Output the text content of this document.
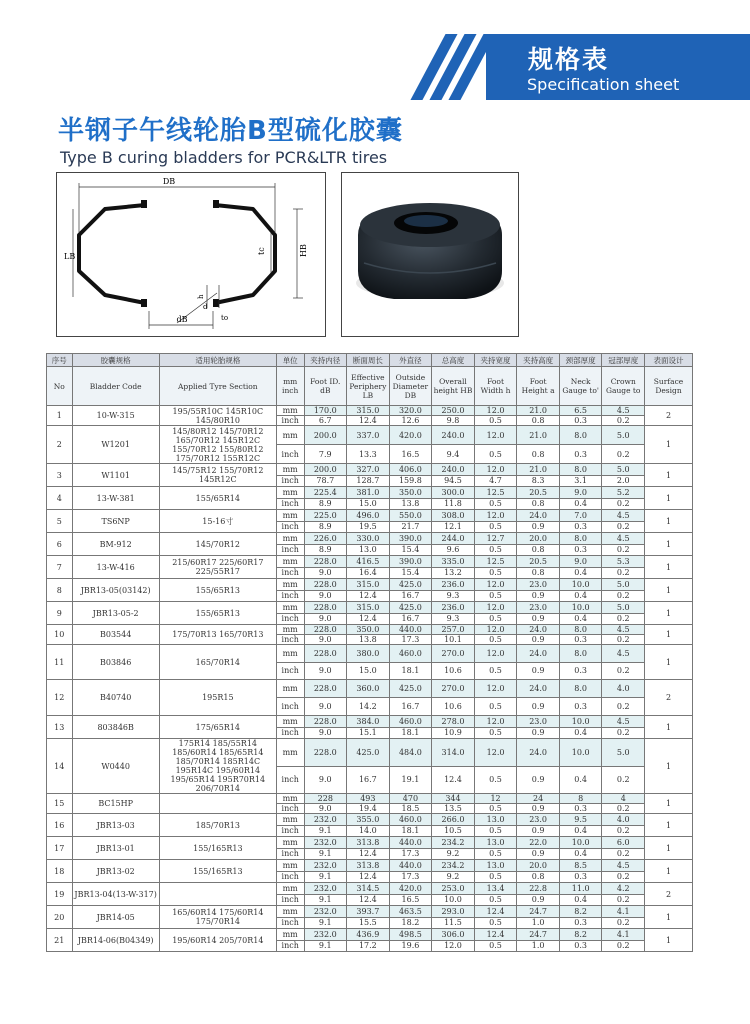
规格表
Specification sheet
半钢子午线轮胎B型硫化胶囊
Type B curing bladders for PCR&LTR tires
DB
dB
HB
LB
tc
h
d
to
序号	胶囊规格	适用轮胎规格	单位	夹持内径	断面周长	外直径	总高度	夹持宽度	夹持高度	颈部厚度	冠部厚度	表面设计
No	Bladder Code	Applied Tyre Section	mm inch	Foot ID. dB	Effective Periphery LB	Outside Diameter DB	Overall height HB	Foot Width h	Foot Height a	Neck Gauge to'	Crown Gauge to	Surface Design
1	10-W-315	195/55R10C 145R10C 145/80R10	mm	170.0	315.0	320.0	250.0	12.0	21.0	6.5	4.5	2
			inch	6.7	12.4	12.6	9.8	0.5	0.8	0.3	0.2	
2	W1201	145/80R12 145/70R12 165/70R12 145R12C 155/70R12 155/80R12 175/70R12 155R12C	mm	200.0	337.0	420.0	240.0	12.0	21.0	8.0	5.0	1
			inch	7.9	13.3	16.5	9.4	0.5	0.8	0.3	0.2	
3	W1101	145/75R12 155/70R12 145R12C	mm	200.0	327.0	406.0	240.0	12.0	21.0	8.0	5.0	1
			inch	78.7	128.7	159.8	94.5	4.7	8.3	3.1	2.0	
4	13-W-381	155/65R14	mm	225.4	381.0	350.0	300.0	12.5	20.5	9.0	5.2	1
			inch	8.9	15.0	13.8	11.8	0.5	0.8	0.4	0.2	
5	TS6NP	15-16寸	mm	225.0	496.0	550.0	308.0	12.0	24.0	7.0	4.5	1
			inch	8.9	19.5	21.7	12.1	0.5	0.9	0.3	0.2	
6	BM-912	145/70R12	mm	226.0	330.0	390.0	244.0	12.7	20.0	8.0	4.5	1
			inch	8.9	13.0	15.4	9.6	0.5	0.8	0.3	0.2	
7	13-W-416	215/60R17 225/60R17 225/55R17	mm	228.0	416.5	390.0	335.0	12.5	20.5	9.0	5.3	1
			inch	9.0	16.4	15.4	13.2	0.5	0.8	0.4	0.2	
8	JBR13-05(03142)	155/65R13	mm	228.0	315.0	425.0	236.0	12.0	23.0	10.0	5.0	1
			inch	9.0	12.4	16.7	9.3	0.5	0.9	0.4	0.2	
9	JBR13-05-2	155/65R13	mm	228.0	315.0	425.0	236.0	12.0	23.0	10.0	5.0	1
			inch	9.0	12.4	16.7	9.3	0.5	0.9	0.4	0.2	
10	B03544	175/70R13 165/70R13	mm	228.0	350.0	440.0	257.0	12.0	24.0	8.0	4.5	1
			inch	9.0	13.8	17.3	10.1	0.5	0.9	0.3	0.2	
11	B03846	165/70R14	mm	228.0	380.0	460.0	270.0	12.0	24.0	8.0	4.5	1
			inch	9.0	15.0	18.1	10.6	0.5	0.9	0.3	0.2	
12	B40740	195R15	mm	228.0	360.0	425.0	270.0	12.0	24.0	8.0	4.0	2
			inch	9.0	14.2	16.7	10.6	0.5	0.9	0.3	0.2	
13	803846B	175/65R14	mm	228.0	384.0	460.0	278.0	12.0	23.0	10.0	4.5	1
			inch	9.0	15.1	18.1	10.9	0.5	0.9	0.4	0.2	
14	W0440	175R14 185/55R14 185/60R14 185/65R14 185/70R14 185R14C 195R14C 195/60R14 195/65R14 195R70R14 206/70R14	mm	228.0	425.0	484.0	314.0	12.0	24.0	10.0	5.0	1
			inch	9.0	16.7	19.1	12.4	0.5	0.9	0.4	0.2	
15	BC15HP		mm	228	493	470	344	12	24	8	4	1
			inch	9.0	19.4	18.5	13.5	0.5	0.9	0.3	0.2	
16	JBR13-03	185/70R13	mm	232.0	355.0	460.0	266.0	13.0	23.0	9.5	4.0	1
			inch	9.1	14.0	18.1	10.5	0.5	0.9	0.4	0.2	
17	JBR13-01	155/165R13	mm	232.0	313.8	440.0	234.2	13.0	22.0	10.0	6.0	1
			inch	9.1	12.4	17.3	9.2	0.5	0.9	0.4	0.2	
18	JBR13-02	155/165R13	mm	232.0	313.8	440.0	234.2	13.0	20.0	8.5	4.5	1
			inch	9.1	12.4	17.3	9.2	0.5	0.8	0.3	0.2	
19	JBR13-04(13-W-317)		mm	232.0	314.5	420.0	253.0	13.4	22.8	11.0	4.2	2
			inch	9.1	12.4	16.5	10.0	0.5	0.9	0.4	0.2	
20	JBR14-05	165/60R14 175/60R14 175/70R14	mm	232.0	393.7	463.5	293.0	12.4	24.7	8.2	4.1	1
			inch	9.1	15.5	18.2	11.5	0.5	1.0	0.3	0.2	
21	JBR14-06(B04349)	195/60R14 205/70R14	mm	232.0	436.9	498.5	306.0	12.4	24.7	8.2	4.1	1
			inch	9.1	17.2	19.6	12.0	0.5	1.0	0.3	0.2	
